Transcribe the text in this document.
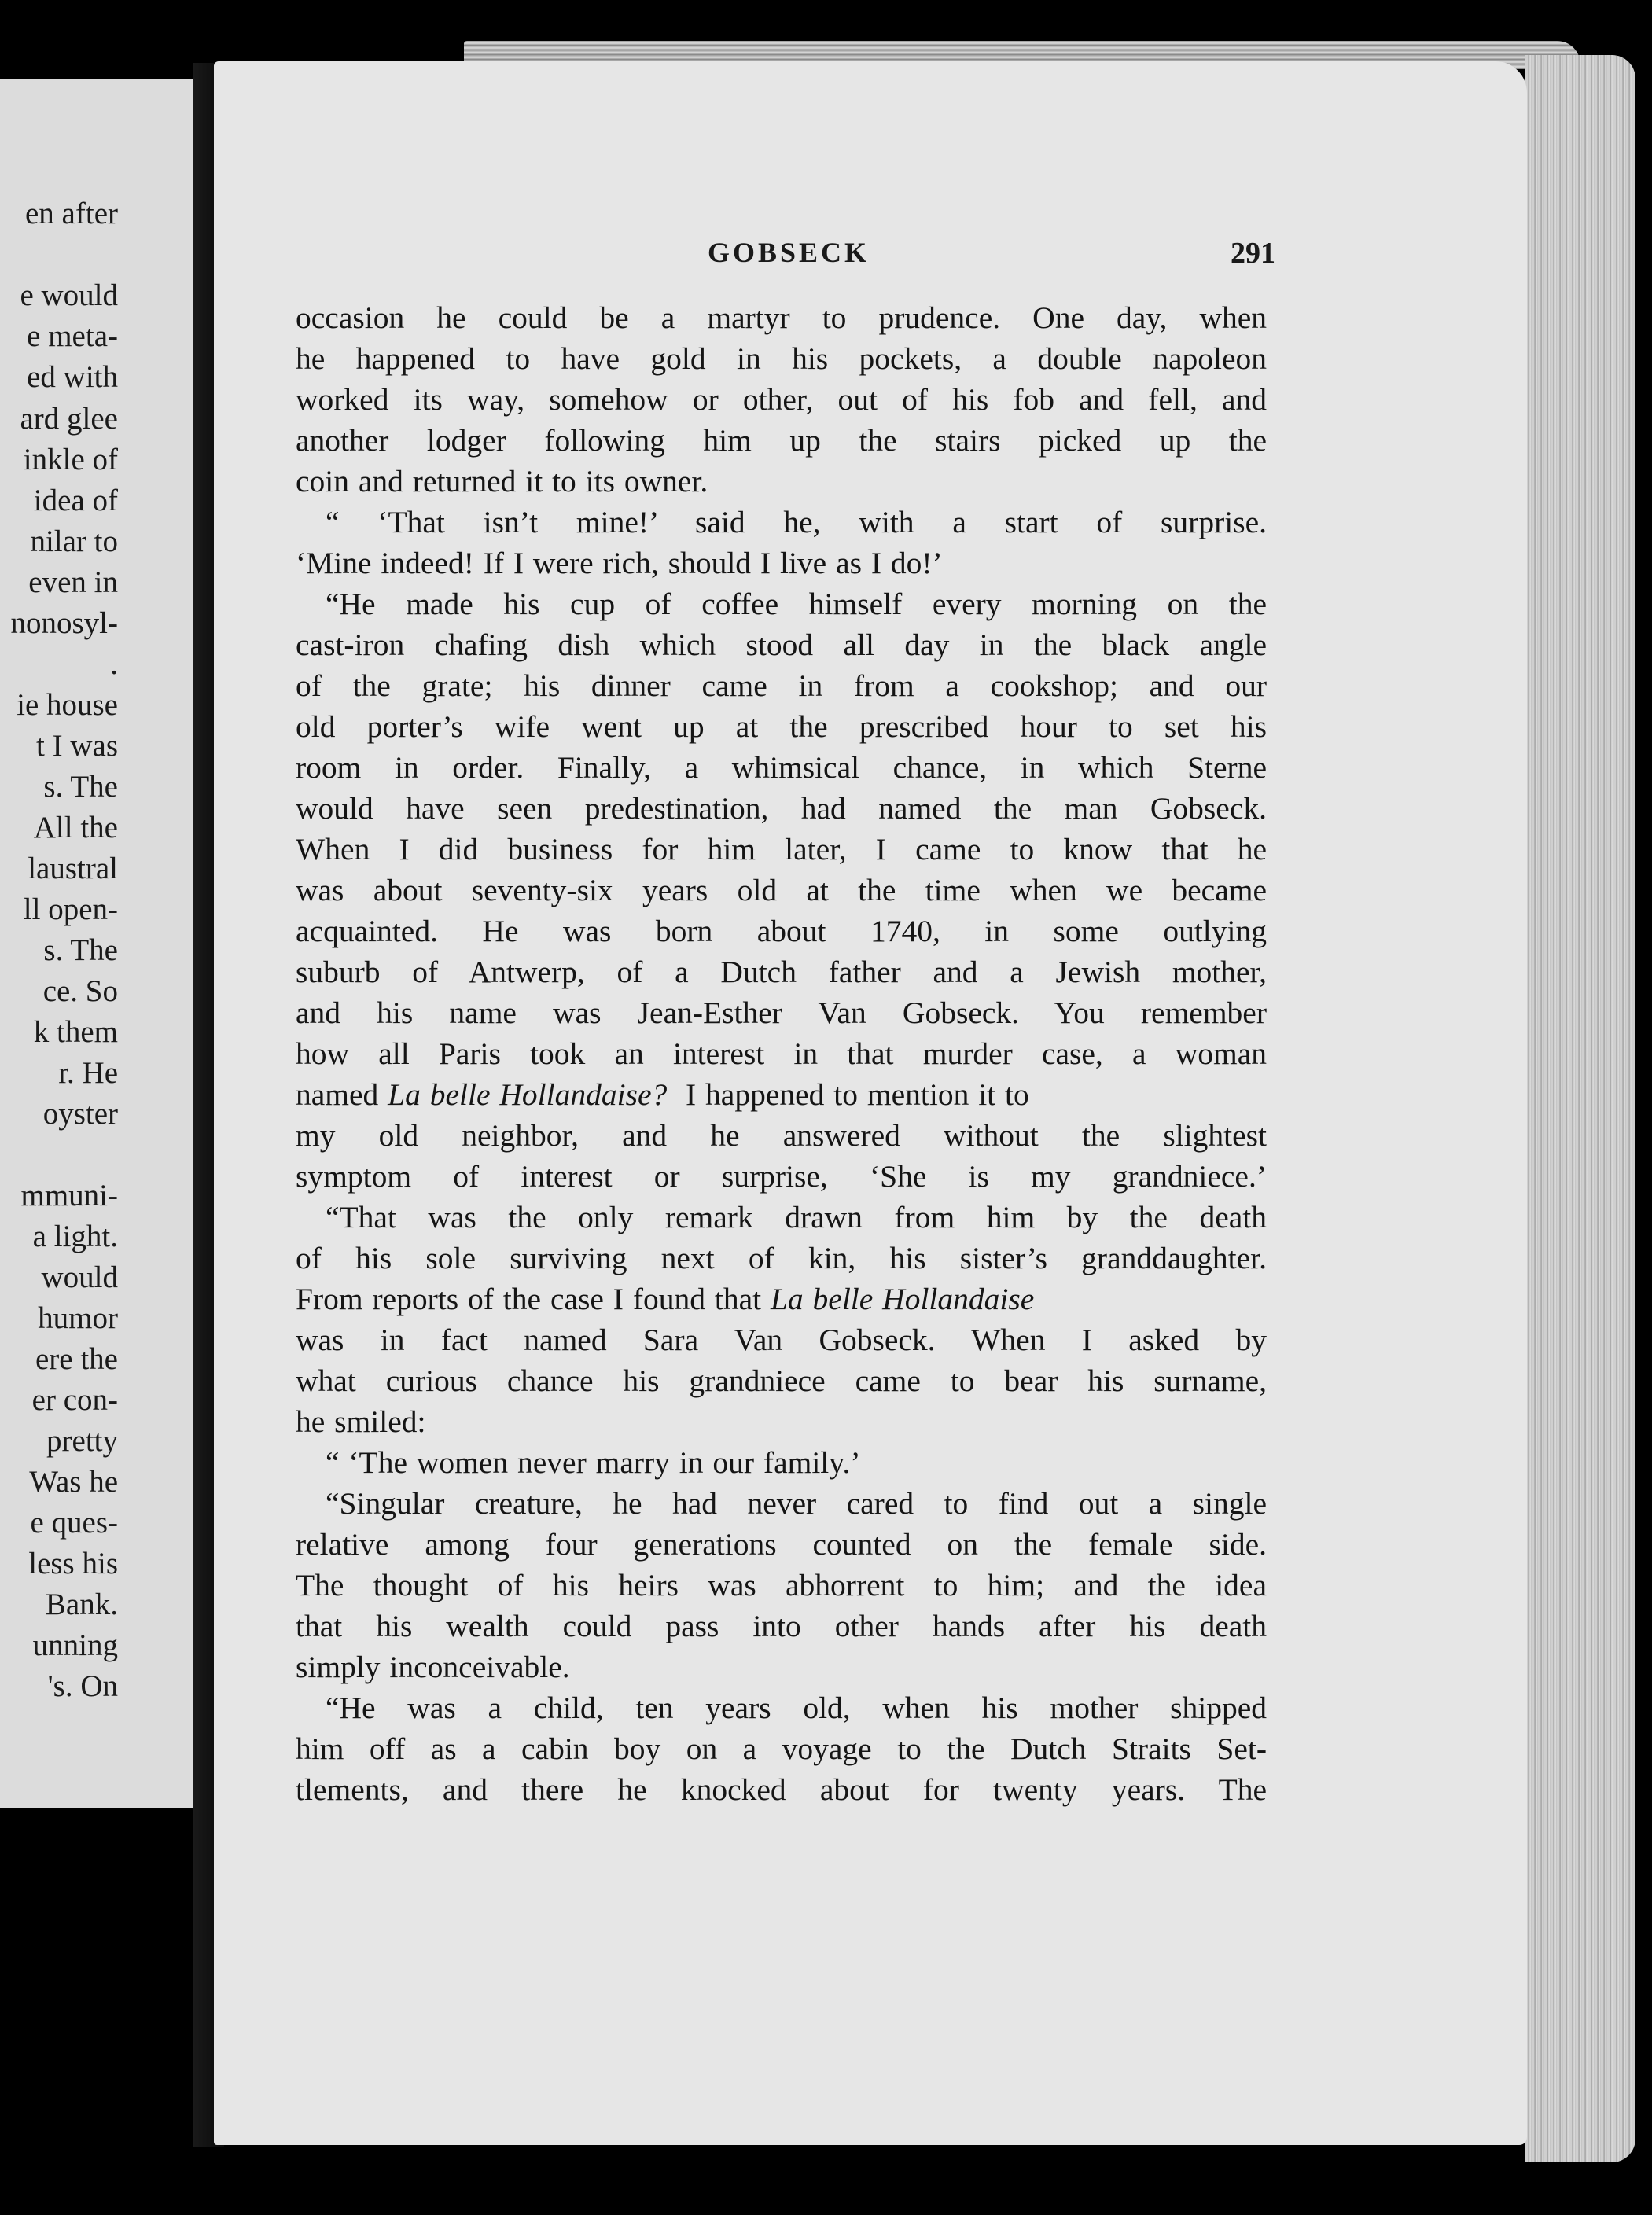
en after
e would
e meta-
ed with
ard glee
inkle of
idea of
nilar to
even in
nonosyl-
.
ie house
t I was
s. The
All the
laustral
ll open-
s. The
ce. So
k them
r. He
oyster
mmuni-
a light.
would
humor
ere the
er con-
pretty
Was he
e ques-
less his
Bank.
unning
's. On
GOBSECK	291
occasion he could be a martyr to prudence. One day, when
he happened to have gold in his pockets, a double napoleon
worked its way, somehow or other, out of his fob and fell, and
another lodger following him up the stairs picked up the
coin and returned it to its owner.
“ ‘That isn’t mine!’ said he, with a start of surprise.
‘Mine indeed! If I were rich, should I live as I do!’
“He made his cup of coffee himself every morning on the
cast-iron chafing dish which stood all day in the black angle
of the grate; his dinner came in from a cookshop; and our
old porter’s wife went up at the prescribed hour to set his
room in order. Finally, a whimsical chance, in which Sterne
would have seen predestination, had named the man Gobseck.
When I did business for him later, I came to know that he
was about seventy-six years old at the time when we became
acquainted. He was born about 1740, in some outlying
suburb of Antwerp, of a Dutch father and a Jewish mother,
and his name was Jean-Esther Van Gobseck. You remember
how all Paris took an interest in that murder case, a woman
named La belle Hollandaise?  I happened to mention it to
my old neighbor, and he answered without the slightest
symptom of interest or surprise, ‘She is my grandniece.’
“That was the only remark drawn from him by the death
of his sole surviving next of kin, his sister’s granddaughter.
From reports of the case I found that La belle Hollandaise
was in fact named Sara Van Gobseck. When I asked by
what curious chance his grandniece came to bear his surname,
he smiled:
“ ‘The women never marry in our family.’
“Singular creature, he had never cared to find out a single
relative among four generations counted on the female side.
The thought of his heirs was abhorrent to him; and the idea
that his wealth could pass into other hands after his death
simply inconceivable.
“He was a child, ten years old, when his mother shipped
him off as a cabin boy on a voyage to the Dutch Straits Set-
tlements, and there he knocked about for twenty years. The
